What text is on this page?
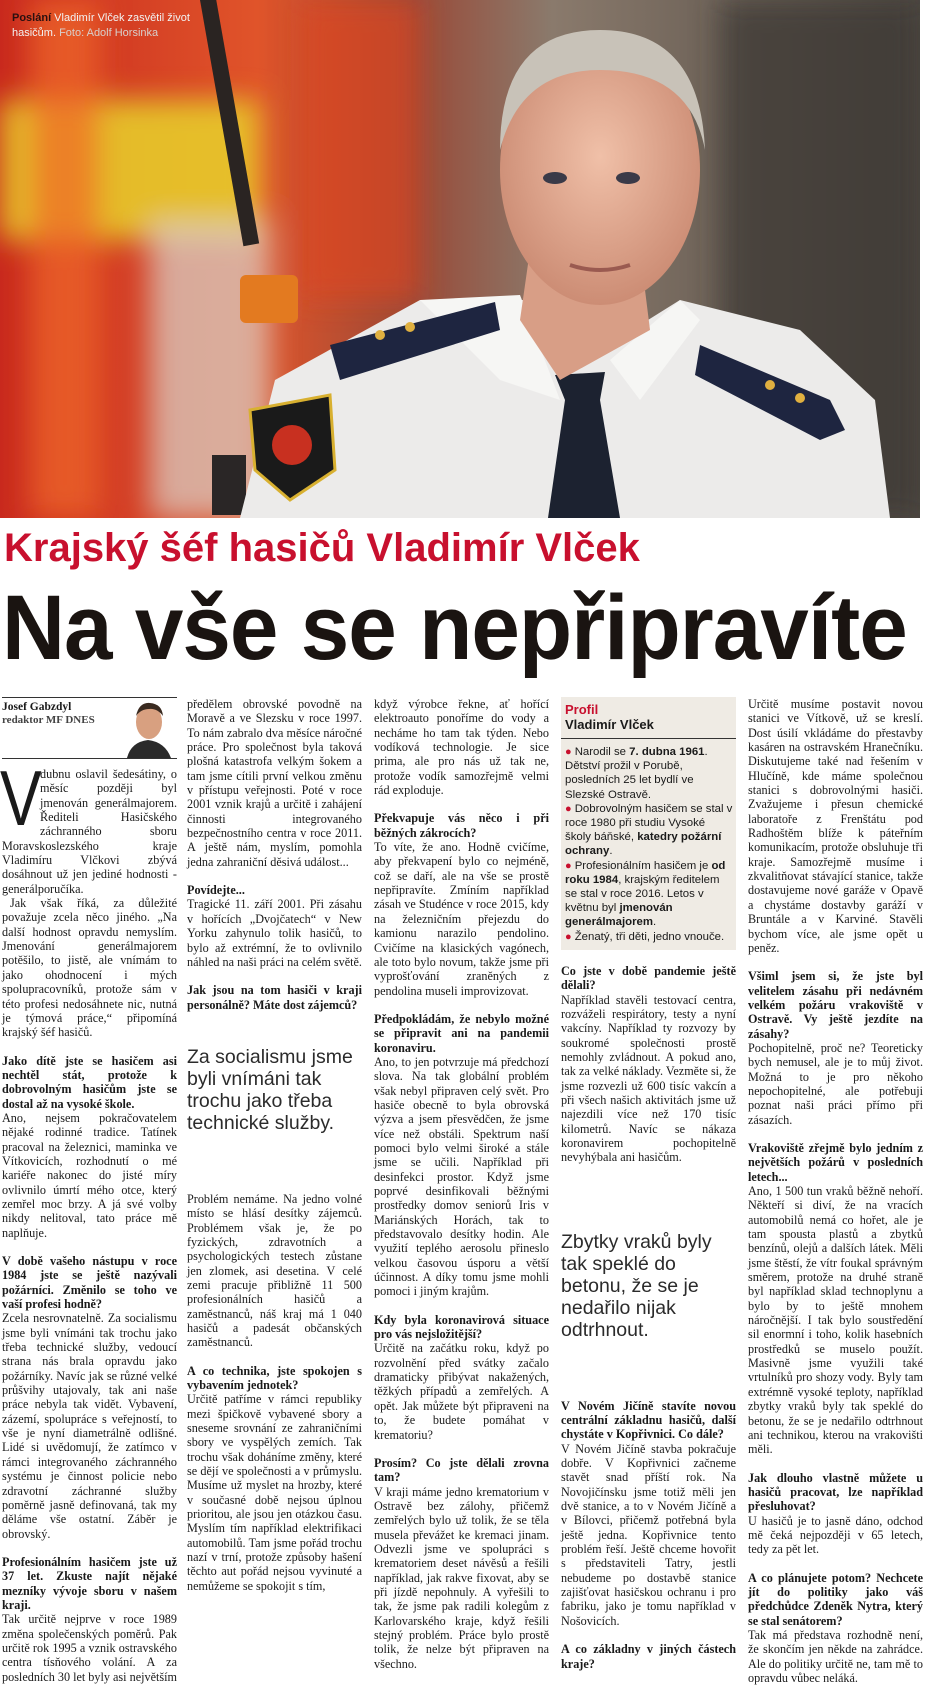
Poslání Vladimír Vlček zasvětil život hasičům. Foto: Adolf Horsinka
Krajský šéf hasičů Vladimír Vlček
Na vše se nepřipravíte
Josef Gabzdyl
redaktor MF DNES

V
dubnu oslavil šedesátiny, o měsíc později byl jmenován generálmajorem. Řediteli Hasičského záchranného sboru Moravskoslezského kraje Vladimíru Vlčkovi zbývá dosáhnout už jen jediné hodnosti - generálporučíka.

Jak však říká, za důležité považuje zcela něco jiného. „Na další hodnost opravdu nemyslím. Jmenování generálmajorem potěšilo, to jistě, ale vnímám to jako ohodnocení i mých spolupracovníků, protože sám v této profesi nedosáhnete nic, nutná je týmová práce,“ připomíná krajský šéf hasičů.

Jako dítě jste se hasičem asi nechtěl stát, protože k dobrovolným hasičům jste se dostal až na vysoké škole.

Ano, nejsem pokračovatelem nějaké rodinné tradice. Tatínek pracoval na železnici, maminka ve Vítkovicích, rozhodnutí o mé kariéře nakonec do jisté míry ovlivnilo úmrtí mého otce, který zemřel moc brzy. A já své volby nikdy nelitoval, tato práce mě naplňuje.

V době vašeho nástupu v roce 1984 jste se ještě nazývali požárníci. Změnilo se toho ve vaší profesi hodně?

Zcela nesrovnatelně. Za socialismu jsme byli vnímáni tak trochu jako třeba technické služby, vedoucí strana nás brala opravdu jako požárníky. Navíc jak se různé velké průšvihy utajovaly, tak ani naše práce nebyla tak vidět. Vybavení, zázemí, spolupráce s veřejností, to vše je nyní diametrálně odlišné. Lidé si uvědomují, že zatímco v rámci integrovaného záchranného systému je činnost policie nebo zdravotní záchranné služby poměrně jasně definovaná, tak my děláme vše ostatní. Záběr je obrovský.

Profesionálním hasičem jste už 37 let. Zkuste najít nějaké mezníky vývoje sboru v našem kraji.

Tak určitě nejprve v roce 1989 změna společenských poměrů. Pak určitě rok 1995 a vznik ostravského centra tísňového volání. A za posledních 30 let byly asi největším

předělem obrovské povodně na Moravě a ve Slezsku v roce 1997. To nám zabralo dva měsíce náročné práce. Pro společnost byla taková plošná katastrofa velkým šokem a tam jsme cítili první velkou změnu v přístupu veřejnosti. Poté v roce 2001 vznik krajů a určitě i zahájení činnosti integrovaného bezpečnostního centra v roce 2011. A ještě nám, myslím, pomohla jedna zahraniční děsivá událost...

Povídejte...

Tragické 11. září 2001. Při zásahu v hořících „Dvojčatech“ v New Yorku zahynulo tolik hasičů, to bylo až extrémní, že to ovlivnilo náhled na naši práci na celém světě.

Jak jsou na tom hasiči v kraji personálně? Máte dost zájemců?

Za socialismu jsme byli vnímáni tak trochu jako třeba technické služby.

Problém nemáme. Na jedno volné místo se hlásí desítky zájemců. Problémem však je, že po fyzických, zdravotních a psychologických testech zůstane jen zlomek, asi desetina. V celé zemi pracuje přibližně 11 500 profesionálních hasičů a zaměstnanců, náš kraj má 1 040 hasičů a padesát občanských zaměstnanců.

A co technika, jste spokojen s vybavením jednotek?

Určitě patříme v rámci republiky mezi špičkově vybavené sbory a sneseme srovnání ze zahraničními sbory ve vyspělých zemích. Tak trochu však doháníme změny, které se dějí ve společnosti a v průmyslu. Musíme už myslet na hrozby, které v současné době nejsou úplnou prioritou, ale jsou jen otázkou času. Myslím tím například elektrifikaci automobilů. Tam jsme pořád trochu nazí v trní, protože způsoby hašení těchto aut pořád nejsou vyvinuté a nemůžeme se spokojit s tím,

když výrobce řekne, ať hořící elektroauto ponoříme do vody a necháme ho tam tak týden. Nebo vodíková technologie. Je sice prima, ale pro nás už tak ne, protože vodík samozřejmě velmi rád exploduje.

Překvapuje vás něco i při běžných zákrocích?

To víte, že ano. Hodně cvičíme, aby překvapení bylo co nejméně, což se daří, ale na vše se prostě nepřipravíte. Zmíním například zásah ve Studénce v roce 2015, kdy na železničním přejezdu do kamionu narazilo pendolino. Cvičíme na klasických vagónech, ale toto bylo novum, takže jsme při vyprošťování zraněných z pendolina museli improvizovat.

Předpokládám, že nebylo možné se připravit ani na pandemii koronaviru.

Ano, to jen potvrzuje má předchozí slova. Na tak globální problém však nebyl připraven celý svět. Pro hasiče obecně to byla obrovská výzva a jsem přesvědčen, že jsme více než obstáli. Spektrum naší pomoci bylo velmi široké a stále jsme se učili. Například při desinfekci prostor. Když jsme poprvé desinfikovali běžnými prostředky domov seniorů Iris v Mariánských Horách, tak to představovalo desítky hodin. Ale využití teplého aerosolu přineslo velkou časovou úsporu a větší účinnost. A díky tomu jsme mohli pomoci i jiným krajům.

Kdy byla koronavirová situace pro vás nejsložitější?

Určitě na začátku roku, když po rozvolnění před svátky začalo dramaticky přibývat nakažených, těžkých případů a zemřelých. A opět. Jak můžete být připraveni na to, že budete pomáhat v krematoriu?

Prosím? Co jste dělali zrovna tam?

V kraji máme jedno krematorium v Ostravě bez zálohy, přičemž zemřelých bylo už tolik, že se těla musela převážet ke kremaci jinam. Odvezli jsme ve spolupráci s krematoriem deset návěsů a řešili například, jak rakve fixovat, aby se při jízdě nepohnuly. A vyřešili to tak, že jsme pak radili kolegům z Karlovarského kraje, když řešili stejný problém. Práce bylo prostě tolik, že nelze být připraven na všechno.

Profil
Vladimír Vlček

● Narodil se 7. dubna 1961. Dětství prožil v Porubě, posledních 25 let bydlí ve Slezské Ostravě.

● Dobrovolným hasičem se stal v roce 1980 při studiu Vysoké školy báňské, katedry požární ochrany.

● Profesionálním hasičem je od roku 1984, krajským ředitelem se stal v roce 2016. Letos v květnu byl jmenován generálmajorem.

● Ženatý, tři děti, jedno vnouče.

Co jste v době pandemie ještě dělali?

Například stavěli testovací centra, rozváželi respirátory, testy a nyní vakcíny. Například ty rozvozy by soukromé společnosti prostě nemohly zvládnout. A pokud ano, tak za velké náklady. Vezměte si, že jsme rozvezli už 600 tisíc vakcín a při všech našich aktivitách jsme už najezdili více než 170 tisíc kilometrů. Navíc se nákaza koronavirem pochopitelně nevyhýbala ani hasičům.

Zbytky vraků byly tak speklé do betonu, že se je nedařilo nijak odtrhnout.

V Novém Jičíně stavíte novou centrální základnu hasičů, další chystáte v Kopřivnici. Co dále?

V Novém Jičíně stavba pokračuje dobře. V Kopřivnici začneme stavět snad příští rok. Na Novojičínsku jsme totiž měli jen dvě stanice, a to v Novém Jičíně a v Bílovci, přičemž potřebná byla ještě jedna. Kopřivnice tento problém řeší. Ještě chceme hovořit s představiteli Tatry, jestli nebudeme po dostavbě stanice zajišťovat hasičskou ochranu i pro fabriku, jako je tomu například v Nošovicích.

A co základny v jiných částech kraje?

Určitě musíme postavit novou stanici ve Vítkově, už se kreslí. Dost úsilí vkládáme do přestavby kasáren na ostravském Hranečníku. Diskutujeme také nad řešením v Hlučíně, kde máme společnou stanici s dobrovolnými hasiči. Zvažujeme i přesun chemické laboratoře z Frenštátu pod Radhoštěm blíže k páteřním komunikacím, protože obsluhuje tři kraje. Samozřejmě musíme i zkvalitňovat stávající stanice, takže dostavujeme nové garáže v Opavě a chystáme dostavby garáží v Bruntále a v Karviné. Stavěli bychom více, ale jsme opět u peněz.

Všiml jsem si, že jste byl velitelem zásahu při nedávném velkém požáru vrakoviště v Ostravě. Vy ještě jezdíte na zásahy?

Pochopitelně, proč ne? Teoreticky bych nemusel, ale je to můj život. Možná to je pro někoho nepochopitelné, ale potřebuji poznat naši práci přímo při zásazích.

Vrakoviště zřejmě bylo jedním z největších požárů v posledních letech...

Ano, 1 500 tun vraků běžně nehoří. Někteří si diví, že na vracích automobilů nemá co hořet, ale je tam spousta plastů a zbytků benzínů, olejů a dalších látek. Měli jsme štěstí, že vítr foukal správným směrem, protože na druhé straně byl například sklad technoplynu a bylo by to ještě mnohem náročnější. I tak bylo soustředění sil enormní i toho, kolik hasebních prostředků se muselo použít. Masivně jsme využili také vrtulníků pro shozy vody. Byly tam extrémně vysoké teploty, například zbytky vraků byly tak speklé do betonu, že se je nedařilo odtrhnout ani technikou, kterou na vrakovišti měli.

Jak dlouho vlastně můžete u hasičů pracovat, lze například přesluhovat?

U hasičů je to jasně dáno, odchod mě čeká nejpozději v 65 letech, tedy za pět let.

A co plánujete potom? Nechcete jít do politiky jako váš předchůdce Zdeněk Nytra, který se stal senátorem?

Tak má představa rozhodně není, že skončím jen někde na zahrádce. Ale do politiky určitě ne, tam mě to opravdu vůbec neláká.
